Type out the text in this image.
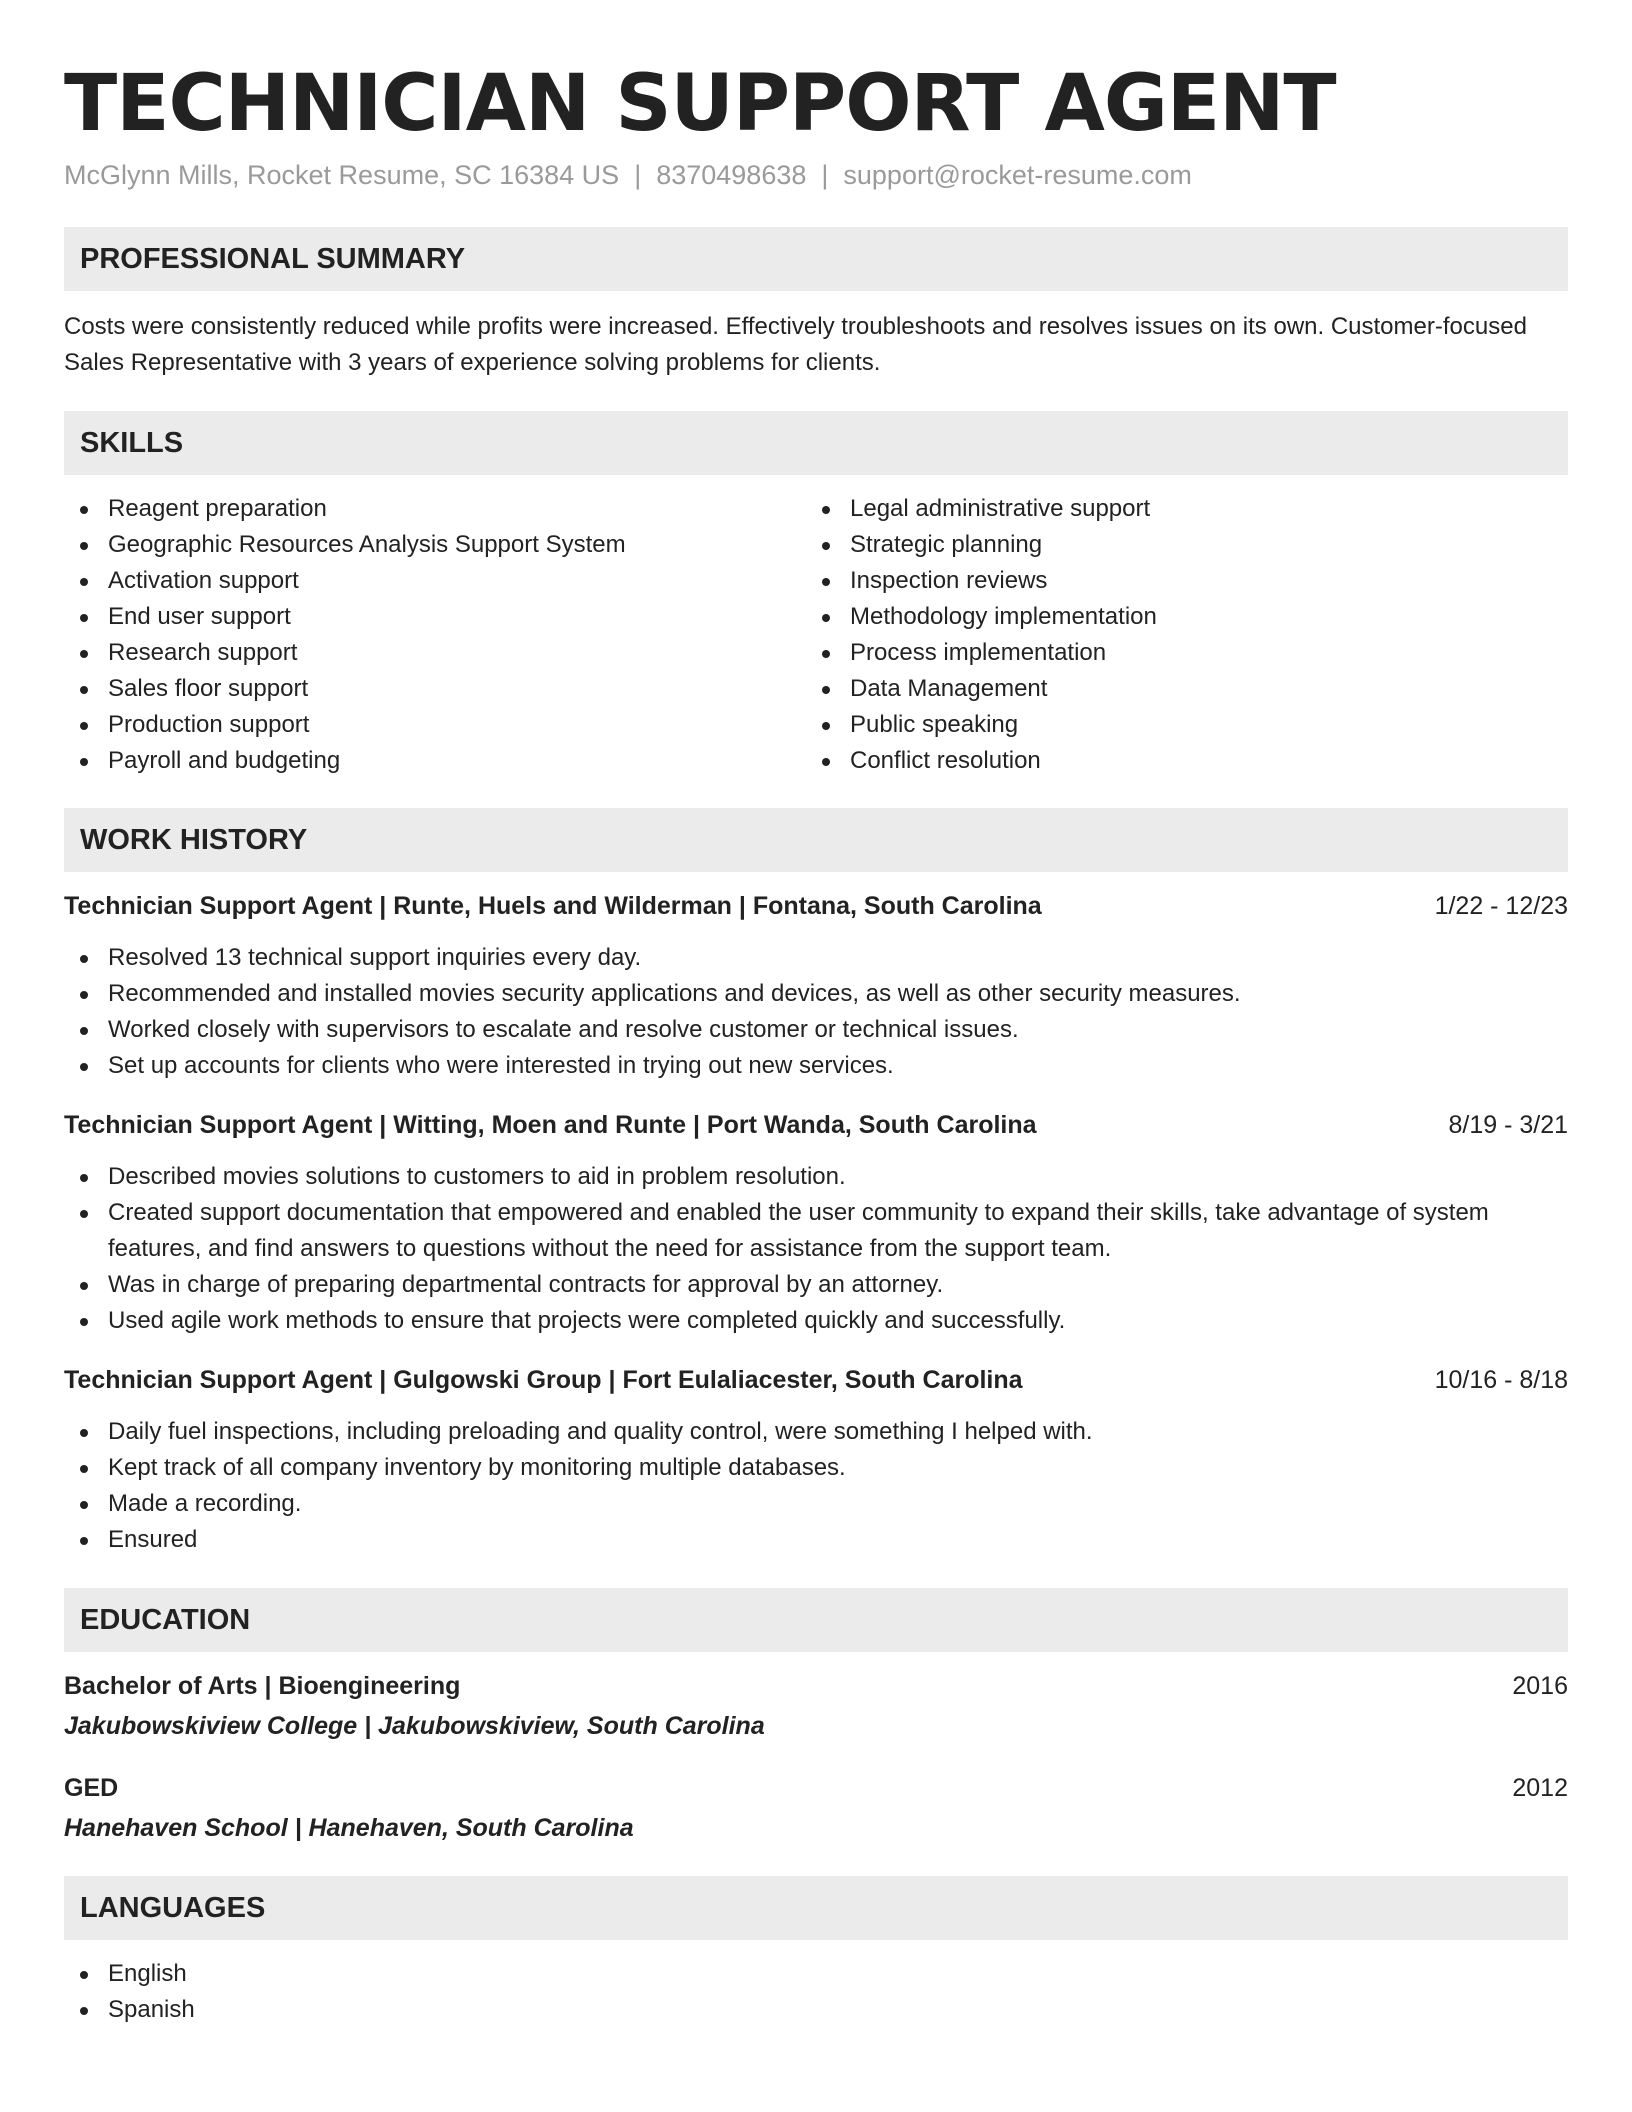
TECHNICIAN SUPPORT AGENT
McGlynn Mills, Rocket Resume, SC 16384 US | 8370498638 | support@rocket-resume.com
PROFESSIONAL SUMMARY

Costs were consistently reduced while profits were increased. Effectively troubleshoots and resolves issues on its own. Customer-focused Sales Representative with 3 years of experience solving problems for clients.

SKILLS
Reagent preparation
Geographic Resources Analysis Support System
Activation support
End user support
Research support
Sales floor support
Production support
Payroll and budgeting
Legal administrative support
Strategic planning
Inspection reviews
Methodology implementation
Process implementation
Data Management
Public speaking
Conflict resolution
WORK HISTORY
Technician Support Agent | Runte, Huels and Wilderman | Fontana, South Carolina	1/22 - 12/23
Resolved 13 technical support inquiries every day.
Recommended and installed movies security applications and devices, as well as other security measures.
Worked closely with supervisors to escalate and resolve customer or technical issues.
Set up accounts for clients who were interested in trying out new services.
Technician Support Agent | Witting, Moen and Runte | Port Wanda, South Carolina	8/19 - 3/21
Described movies solutions to customers to aid in problem resolution.
Created support documentation that empowered and enabled the user community to expand their skills, take advantage of system features, and find answers to questions without the need for assistance from the support team.
Was in charge of preparing departmental contracts for approval by an attorney.
Used agile work methods to ensure that projects were completed quickly and successfully.
Technician Support Agent | Gulgowski Group | Fort Eulaliacester, South Carolina	10/16 - 8/18
Daily fuel inspections, including preloading and quality control, were something I helped with.
Kept track of all company inventory by monitoring multiple databases.
Made a recording.
Ensured
EDUCATION
Bachelor of Arts | Bioengineering	2016
Jakubowskiview College | Jakubowskiview, South Carolina
GED	2012
Hanehaven School | Hanehaven, South Carolina
LANGUAGES
English
Spanish
